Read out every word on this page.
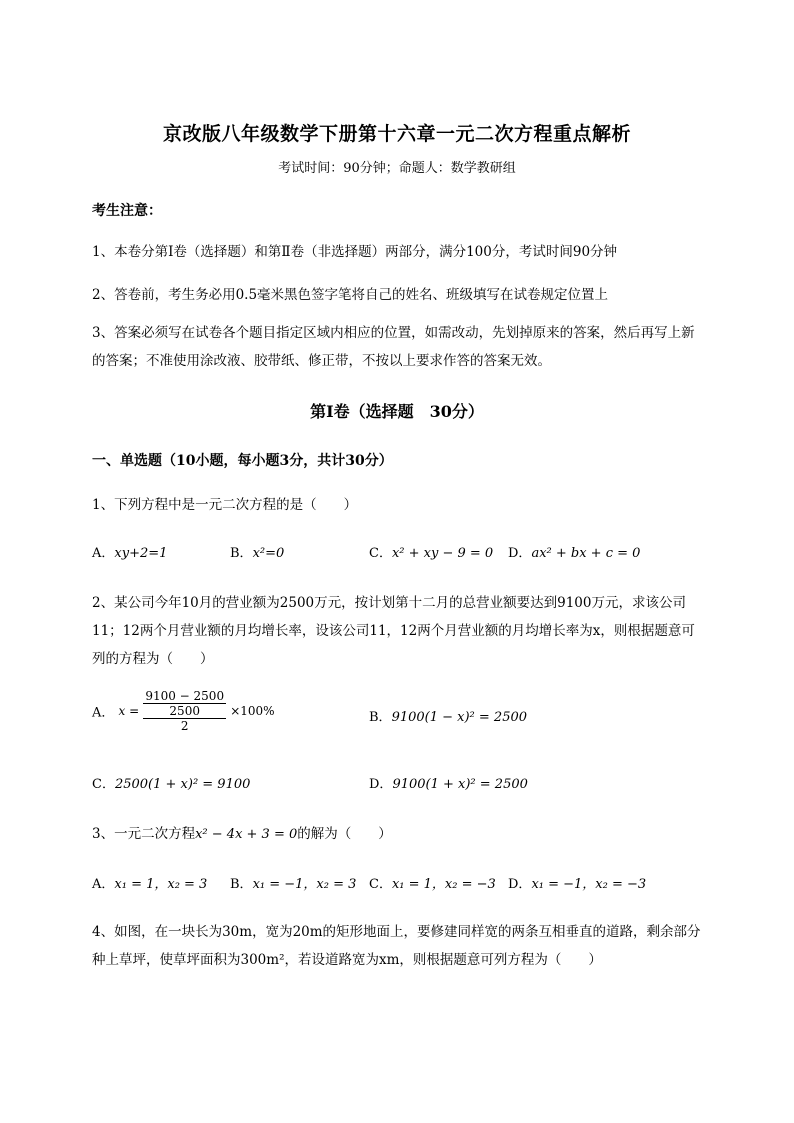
京改版八年级数学下册第十六章一元二次方程重点解析
考试时间：90分钟；命题人：数学教研组
考生注意：
1、本卷分第I卷（选择题）和第Ⅱ卷（非选择题）两部分，满分100分，考试时间90分钟
2、答卷前，考生务必用0.5毫米黑色签字笔将自己的姓名、班级填写在试卷规定位置上
3、答案必须写在试卷各个题目指定区域内相应的位置，如需改动，先划掉原来的答案，然后再写上新的答案；不准使用涂改液、胶带纸、修正带，不按以上要求作答的答案无效。
第I卷（选择题　30分）
一、单选题（10小题，每小题3分，共计30分）
1、下列方程中是一元二次方程的是（　　）
A．xy+2=1	B．x²=0	C．x² + xy − 9 = 0 D．ax² + bx + c = 0
2、某公司今年10月的营业额为2500万元，按计划第十二月的总营业额要达到9100万元，求该公司11；12两个月营业额的月均增长率，设该公司11，12两个月营业额的月均增长率为x，则根据题意可列的方程为（　　）
A． x =
9100 − 2500
2500
2
×100%	B．9100(1 − x)² = 2500
C．2500(1 + x)² = 9100	D．9100(1 + x)² = 2500
3、一元二次方程x² − 4x + 3 = 0的解为（　　）
A．x₁ = 1，x₂ = 3 B．x₁ = −1，x₂ = 3 C．x₁ = 1，x₂ = −3 D．x₁ = −1，x₂ = −3
4、如图，在一块长为30m，宽为20m的矩形地面上，要修建同样宽的两条互相垂直的道路，剩余部分种上草坪，使草坪面积为300m²，若设道路宽为xm，则根据题意可列方程为（　　）
